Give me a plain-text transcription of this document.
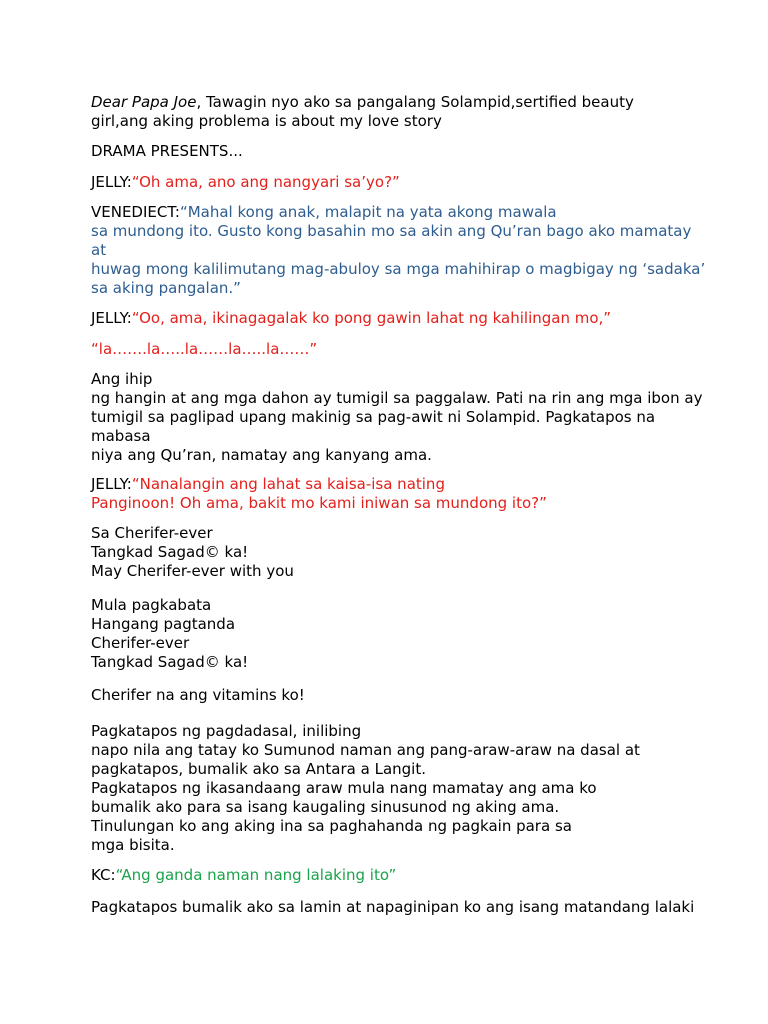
Dear Papa Joe, Tawagin nyo ako sa pangalang Solampid,sertified beauty
girl,ang aking problema is about my love story
DRAMA PRESENTS...
JELLY:“Oh ama, ano ang nangyari sa’yo?”
VENEDIECT:“Mahal kong anak, malapit na yata akong mawala
sa mundong ito. Gusto kong basahin mo sa akin ang Qu’ran bago ako mamatay
at
huwag mong kalilimutang mag-abuloy sa mga mahihirap o magbigay ng ‘sadaka’
sa aking pangalan.”
JELLY:“Oo, ama, ikinagagalak ko pong gawin lahat ng kahilingan mo,”
“la…….la…..la……la…..la……”
Ang ihip
ng hangin at ang mga dahon ay tumigil sa paggalaw. Pati na rin ang mga ibon ay
tumigil sa paglipad upang makinig sa pag-awit ni Solampid. Pagkatapos na
mabasa
niya ang Qu’ran, namatay ang kanyang ama.
JELLY:“Nanalangin ang lahat sa kaisa-isa nating
Panginoon! Oh ama, bakit mo kami iniwan sa mundong ito?”
Sa Cherifer-ever
Tangkad Sagad© ka!
May Cherifer-ever with you
Mula pagkabata
Hangang pagtanda
Cherifer-ever
Tangkad Sagad© ka!
Cherifer na ang vitamins ko!
Pagkatapos ng pagdadasal, inilibing
napo nila ang tatay ko Sumunod naman ang pang-araw-araw na dasal at
pagkatapos, bumalik ako sa Antara a Langit.
Pagkatapos ng ikasandaang araw mula nang mamatay ang ama ko
bumalik ako para sa isang kaugaling sinusunod ng aking ama.
Tinulungan ko ang aking ina sa paghahanda ng pagkain para sa
mga bisita.
KC:“Ang ganda naman nang lalaking ito”
Pagkatapos bumalik ako sa lamin at napaginipan ko ang isang matandang lalaki
